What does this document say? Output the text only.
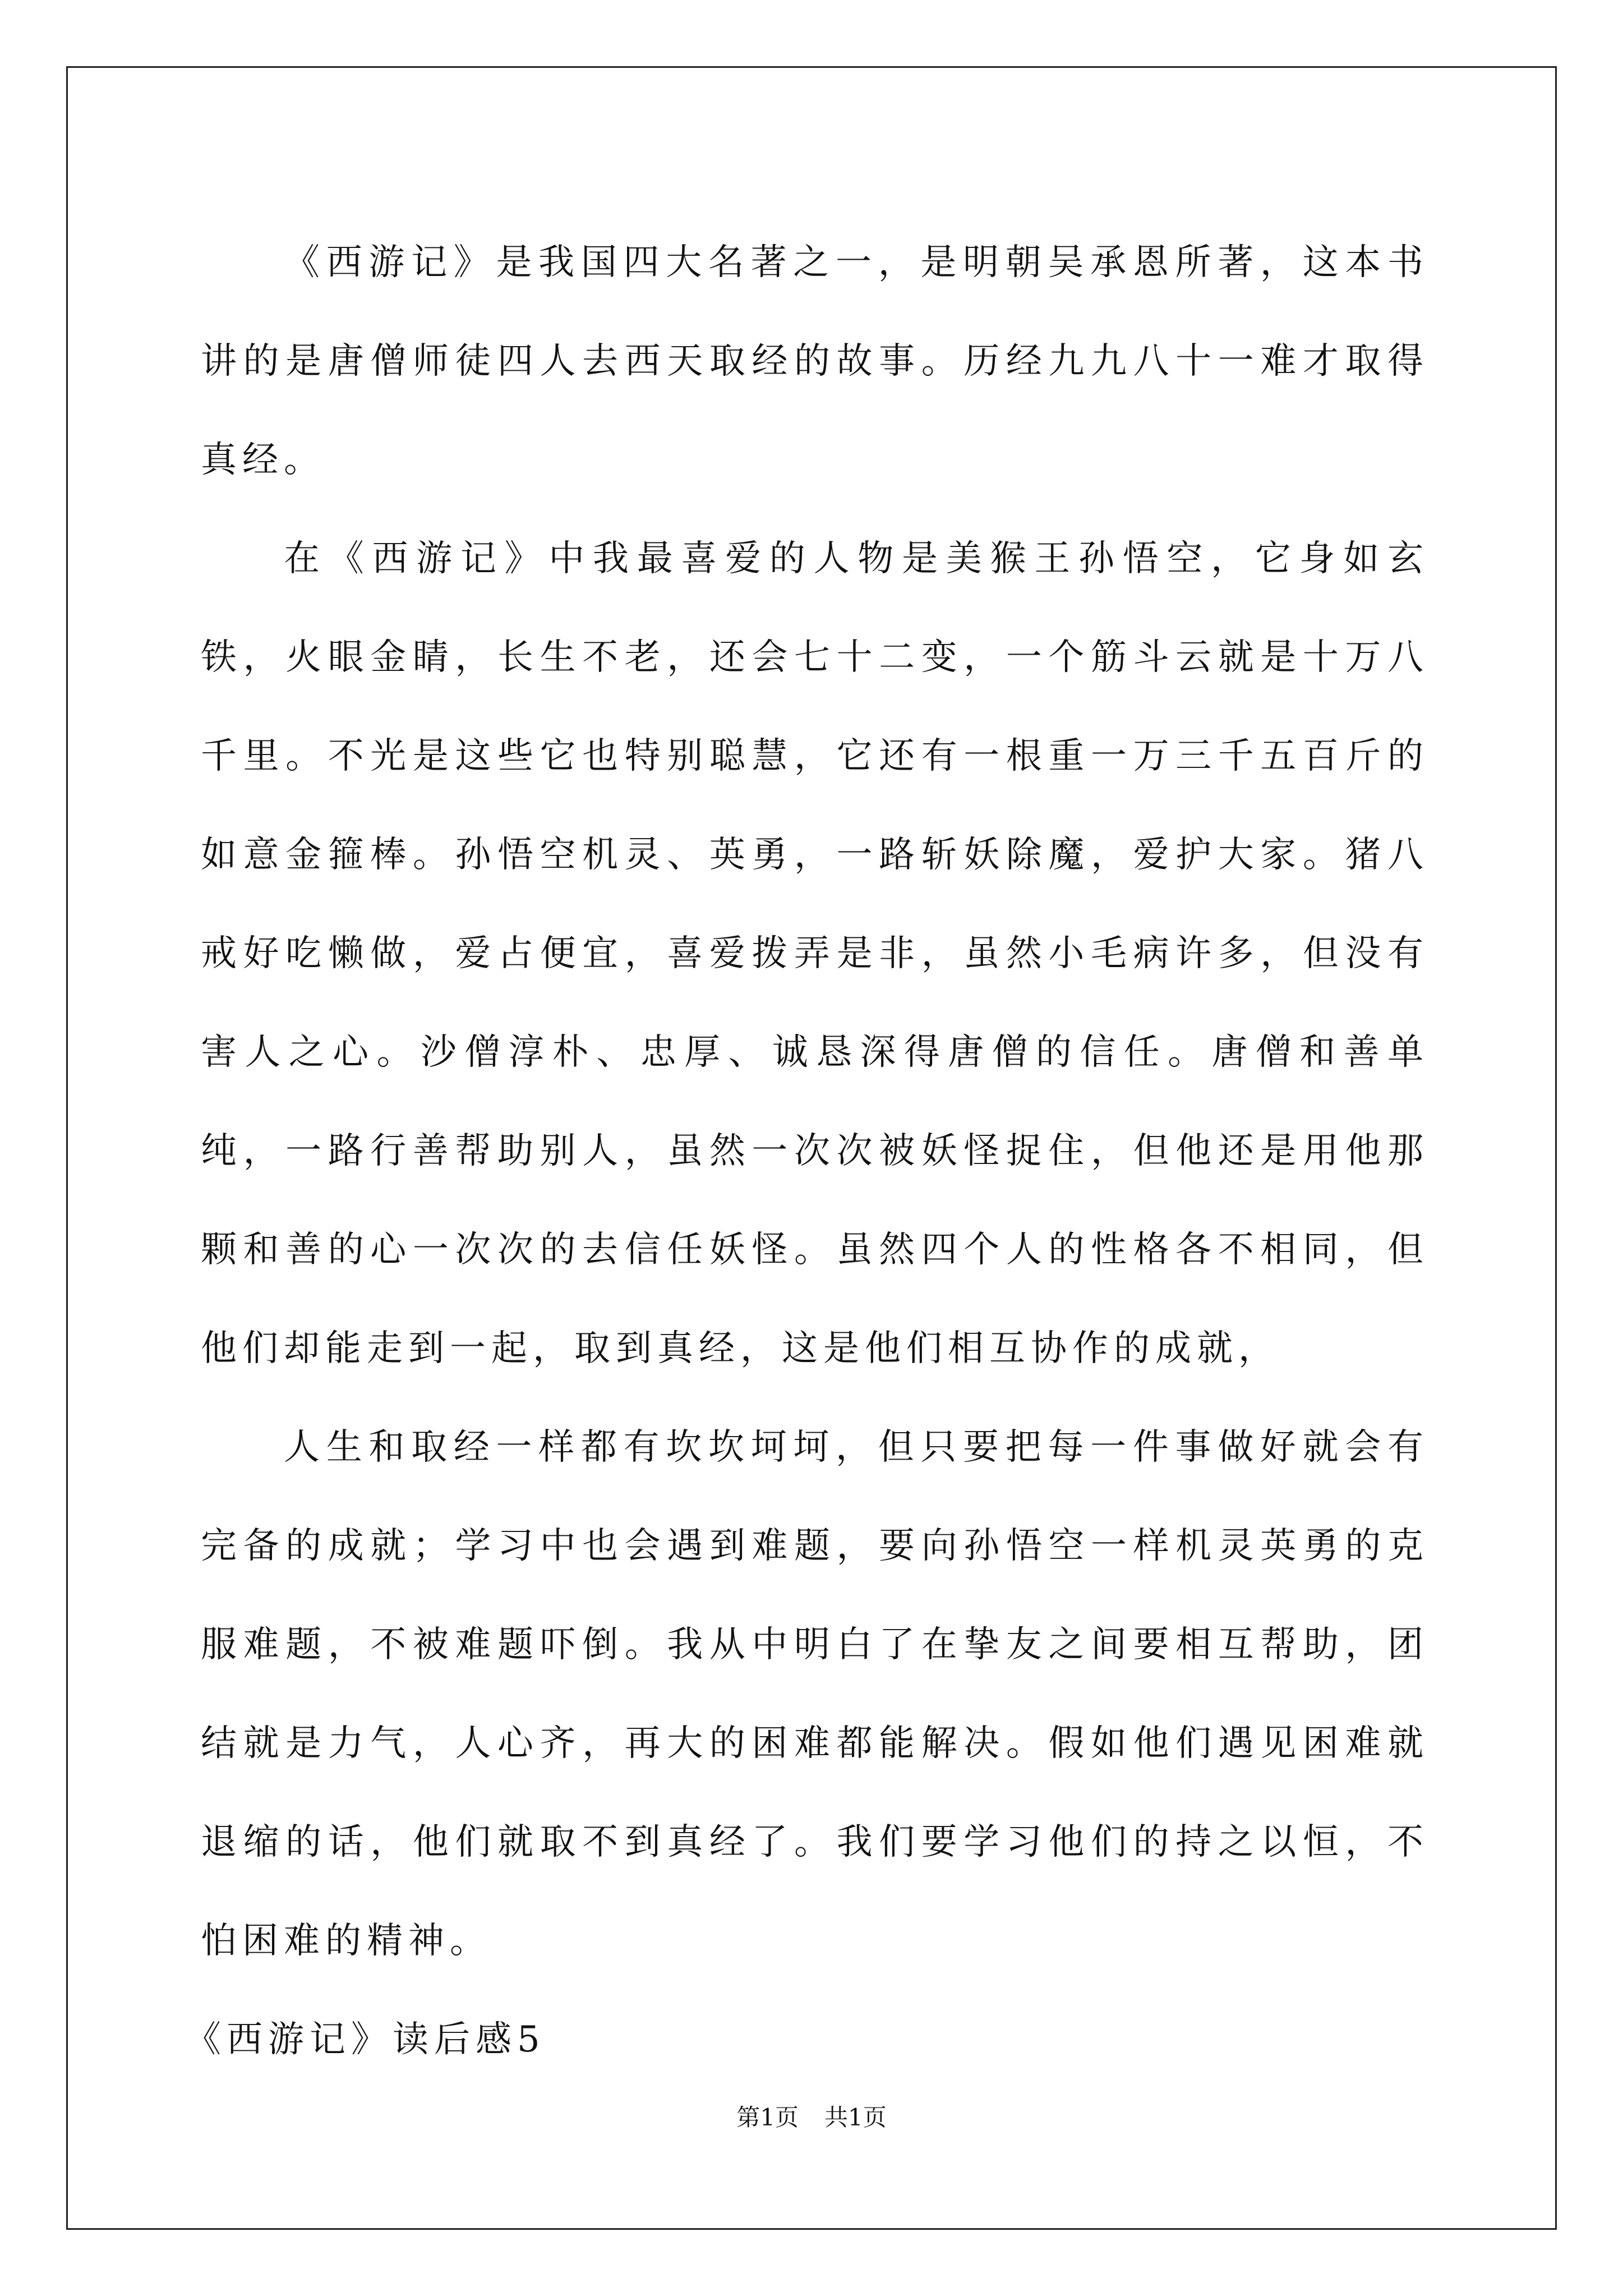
《西游记》是我国四大名著之一，是明朝吴承恩所著，这本书讲的是唐僧师徒四人去西天取经的故事。历经九九八十一难才取得真经。

在《西游记》中我最喜爱的人物是美猴王孙悟空，它身如玄铁，火眼金睛，长生不老，还会七十二变，一个筋斗云就是十万八千里。不光是这些它也特别聪慧，它还有一根重一万三千五百斤的如意金箍棒。孙悟空机灵、英勇，一路斩妖除魔，爱护大家。猪八戒好吃懒做，爱占便宜，喜爱拨弄是非，虽然小毛病许多，但没有害人之心。沙僧淳朴、忠厚、诚恳深得唐僧的信任。唐僧和善单纯，一路行善帮助别人，虽然一次次被妖怪捉住，但他还是用他那颗和善的心一次次的去信任妖怪。虽然四个人的性格各不相同，但他们却能走到一起，取到真经，这是他们相互协作的成就，

人生和取经一样都有坎坎坷坷，但只要把每一件事做好就会有完备的成就；学习中也会遇到难题，要向孙悟空一样机灵英勇的克服难题，不被难题吓倒。我从中明白了在挚友之间要相互帮助，团结就是力气，人心齐，再大的困难都能解决。假如他们遇见困难就退缩的话，他们就取不到真经了。我们要学习他们的持之以恒，不怕困难的精神。

《西游记》读后感5

第1页 共1页
